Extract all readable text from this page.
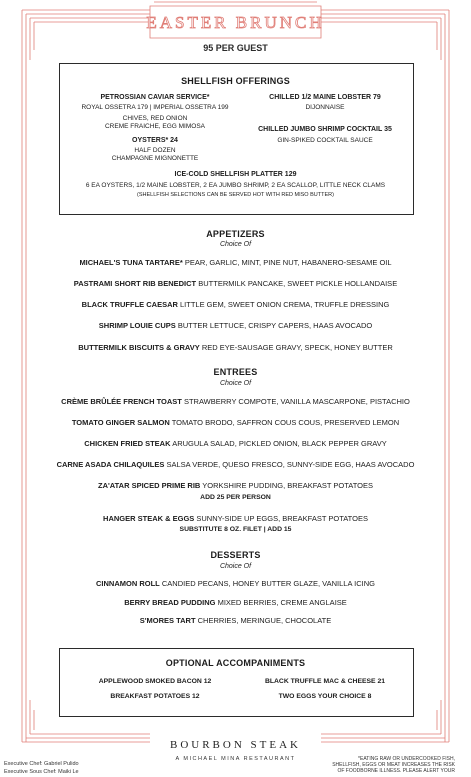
EASTER BRUNCH
95 PER GUEST
SHELLFISH OFFERINGS
PETROSSIAN CAVIAR SERVICE*
ROYAL OSSETRA 179 | IMPERIAL OSSETRA 199
CHIVES, RED ONION
CREME FRAICHE, EGG MIMOSA
OYSTERS* 24
HALF DOZEN
CHAMPAGNE MIGNONETTE
CHILLED 1/2 MAINE LOBSTER 79
DIJONNAISE
CHILLED JUMBO SHRIMP COCKTAIL 35
GIN-SPIKED COCKTAIL SAUCE
ICE-COLD SHELLFISH PLATTER 129
6 EA OYSTERS, 1/2 MAINE LOBSTER, 2 EA JUMBO SHRIMP, 2 EA SCALLOP, LITTLE NECK CLAMS
(SHELLFISH SELECTIONS CAN BE SERVED HOT WITH RED MISO BUTTER)
APPETIZERS
Choice Of
MICHAEL'S TUNA TARTARE* PEAR, GARLIC, MINT, PINE NUT, HABANERO-SESAME OIL
PASTRAMI SHORT RIB BENEDICT BUTTERMILK PANCAKE, SWEET PICKLE HOLLANDAISE
BLACK TRUFFLE CAESAR LITTLE GEM, SWEET ONION CREMA, TRUFFLE DRESSING
SHRIMP LOUIE CUPS BUTTER LETTUCE, CRISPY CAPERS, HAAS AVOCADO
BUTTERMILK BISCUITS & GRAVY RED EYE-SAUSAGE GRAVY, SPECK, HONEY BUTTER
ENTREES
Choice Of
CRÈME BRÛLÉE FRENCH TOAST STRAWBERRY COMPOTE, VANILLA MASCARPONE, PISTACHIO
TOMATO GINGER SALMON TOMATO BRODO, SAFFRON COUS COUS, PRESERVED LEMON
CHICKEN FRIED STEAK ARUGULA SALAD, PICKLED ONION, BLACK PEPPER GRAVY
CARNE ASADA CHILAQUILES SALSA VERDE, QUESO FRESCO, SUNNY-SIDE EGG, HAAS AVOCADO
ZA'ATAR SPICED PRIME RIB YORKSHIRE PUDDING, BREAKFAST POTATOES
ADD 25 PER PERSON
HANGER STEAK & EGGS SUNNY-SIDE UP EGGS, BREAKFAST POTATOES
SUBSTITUTE 8 OZ. FILET | ADD 15
DESSERTS
Choice Of
CINNAMON ROLL CANDIED PECANS, HONEY BUTTER GLAZE, VANILLA ICING
BERRY BREAD PUDDING MIXED BERRIES, CREME ANGLAISE
S'MORES TART CHERRIES, MERINGUE, CHOCOLATE
OPTIONAL ACCOMPANIMENTS
APPLEWOOD SMOKED BACON 12	BLACK TRUFFLE MAC & CHEESE 21
BREAKFAST POTATOES 12	TWO EGGS YOUR CHOICE 8
BOURBON STEAK
A MICHAEL MINA RESTAURANT
Executive Chef: Gabriel Pulido
Executive Sous Chef: Maiki Le
*EATING RAW OR UNDERCOOKED FISH,
SHELLFISH, EGGS OR MEAT INCREASES THE RISK
OF FOODBORNE ILLNESS. PLEASE ALERT YOUR
